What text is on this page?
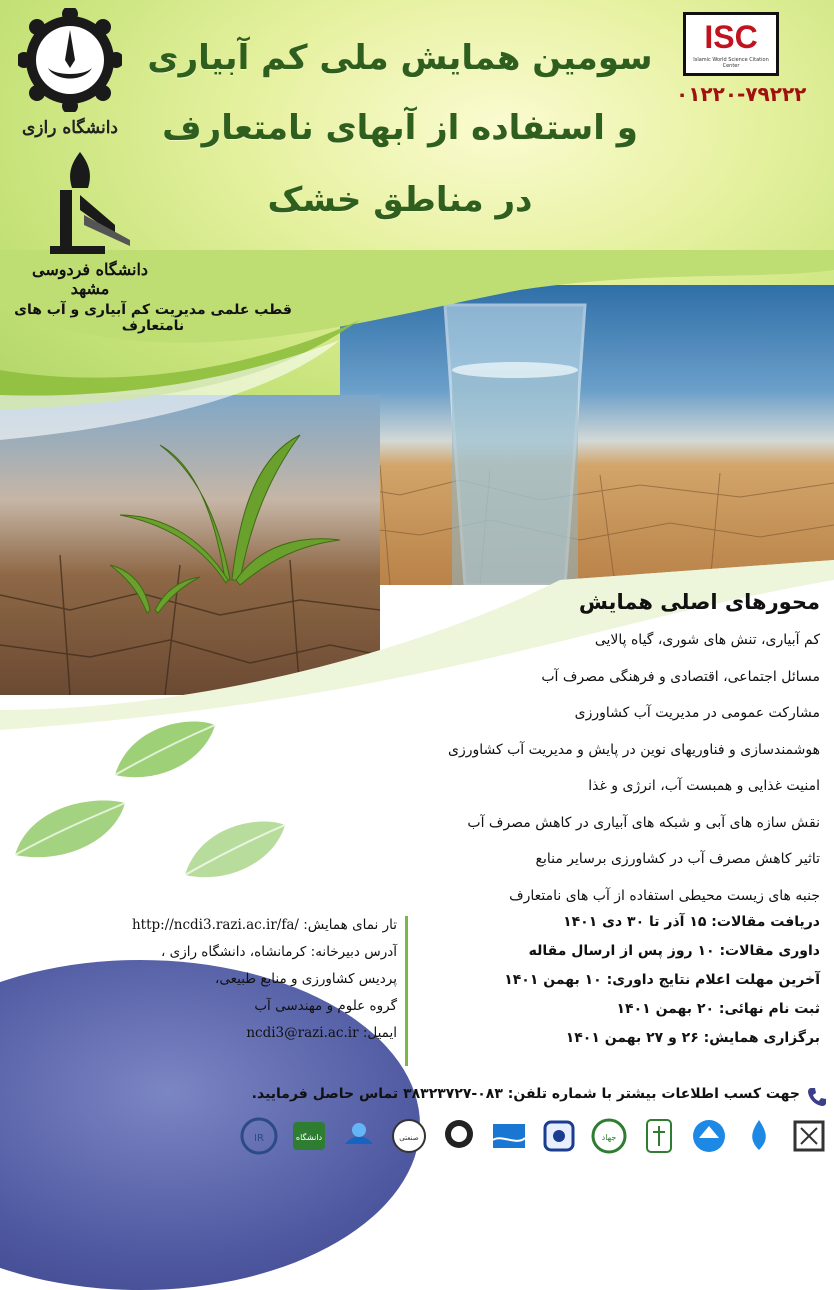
سومین همایش ملی کم آبیاری
و استفاده از آبهای نامتعارف
در مناطق خشک
ISC
Islamic World Science Citation Center
۰۱۲۲۰-۷۹۲۲۲
دانشگاه رازی
دانشگاه فردوسی مشهد
قطب علمی مدیریت کم آبیاری و آب های نامتعارف
محورهای اصلی همایش
کم آبیاری، تنش های شوری، گیاه پالایی
مسائل اجتماعی، اقتصادی و فرهنگی مصرف آب
مشارکت عمومی در مدیریت آب کشاورزی
هوشمندسازی و فناوریهای نوین در پایش و مدیریت آب کشاورزی
امنیت غذایی و همبست آب، انرژی و غذا
نقش سازه های آبی و شبکه های آبیاری در کاهش مصرف آب
تاثیر کاهش مصرف آب در کشاورزی برسایر منابع
جنبه های زیست محیطی استفاده از آب های نامتعارف
دریافت مقالات: ۱۵ آذر تا ۳۰ دی ۱۴۰۱
داوری مقالات: ۱۰ روز پس از ارسال مقاله
آخرین مهلت اعلام نتایج داوری: ۱۰ بهمن ۱۴۰۱
ثبت نام نهائی: ۲۰ بهمن ۱۴۰۱
برگزاری همایش: ۲۶ و ۲۷ بهمن ۱۴۰۱
تار نمای همایش: http://ncdi3.razi.ac.ir/fa/
آدرس دبیرخانه: کرمانشاه، دانشگاه رازی ،
پردیس کشاورزی و منابع طبیعی،
گروه علوم و مهندسی آب
ایمیل: ncdi3@razi.ac.ir
جهت کسب اطلاعات بیشتر با شماره تلفن: ۰۸۳-۳۸۳۲۳۷۲۷ تماس حاصل فرمایید.
IR	دانشگاه	صنعتی	جهاد
